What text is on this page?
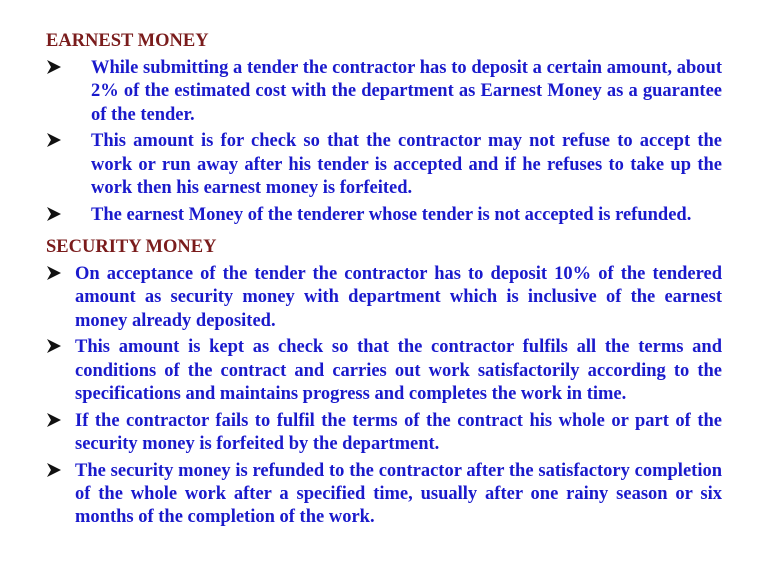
EARNEST MONEY
While submitting a tender the contractor has to deposit a certain amount, about 2% of the estimated cost with the department as Earnest Money as a guarantee of the tender.
This amount is for check so that the contractor may not refuse to accept the work or run away after his tender is accepted and if he refuses to take up the work then his earnest money is forfeited.
The earnest Money of the tenderer whose tender is not accepted is refunded.
SECURITY MONEY
On acceptance of the tender the contractor has to deposit 10% of the tendered amount as security money with department which is inclusive of the earnest money already deposited.
This amount is kept as check so that the contractor fulfils all the terms and conditions of the contract and carries out work satisfactorily according to the specifications and maintains progress and completes the work in time.
If the contractor fails to fulfil the terms of the contract his whole or part of the security money is forfeited by the department.
The security money is refunded to the contractor after the satisfactory completion of the whole work after a specified time, usually after one rainy season or six months of the completion of the work.
